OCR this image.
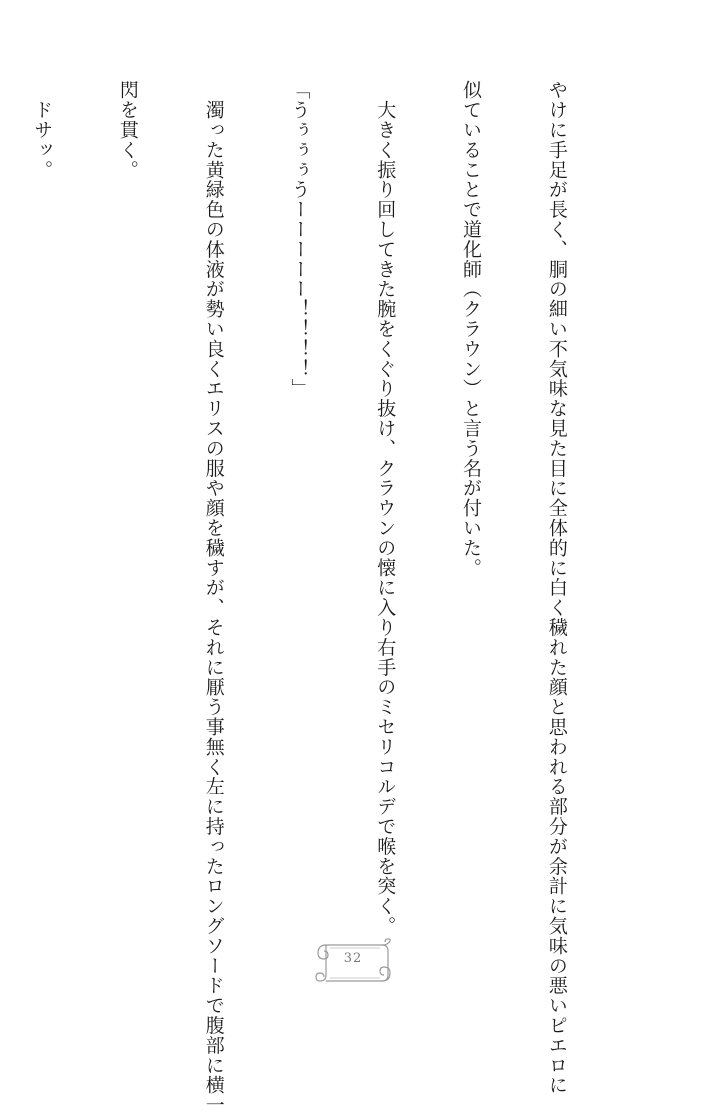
やけに手足が長く、胴の細い不気味な見た目に全体的に白く穢れた顔と思われる部分が余計に気味の悪いピエロに

似ていることで道化師（クラウン）と言う名が付いた。

　大きく振り回してきた腕をくぐり抜け、クラウンの懐に入り右手のミセリコルデで喉を突く。

「うぅぅぅうーーーーー！！！！」

　濁った黄緑色の体液が勢い良くエリスの服や顔を穢すが、それに厭う事無く左に持ったロングソードで腹部に横一

閃を貫く。

　ドサッ。

32
